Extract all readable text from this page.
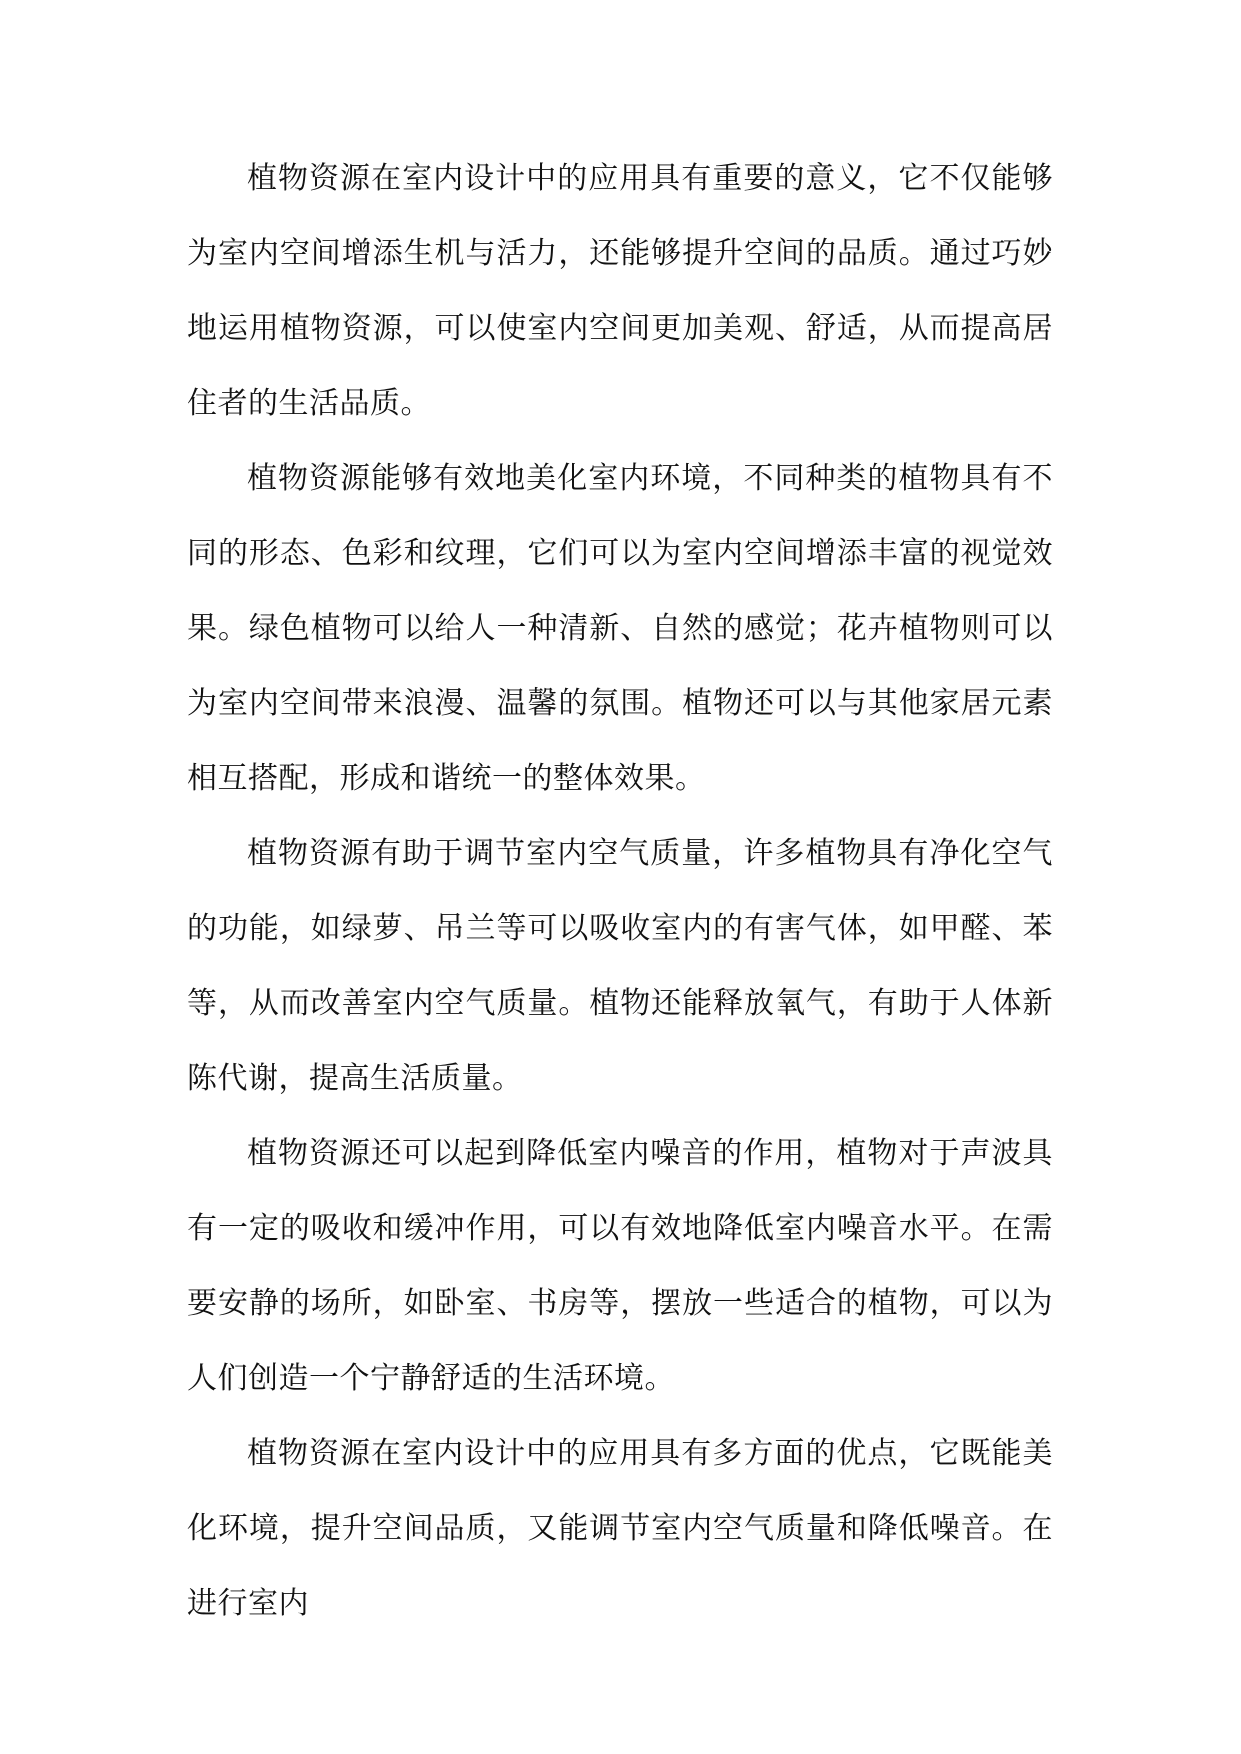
植物资源在室内设计中的应用具有重要的意义，它不仅能够为室内空间增添生机与活力，还能够提升空间的品质。通过巧妙地运用植物资源，可以使室内空间更加美观、舒适，从而提高居住者的生活品质。

植物资源能够有效地美化室内环境，不同种类的植物具有不同的形态、色彩和纹理，它们可以为室内空间增添丰富的视觉效果。绿色植物可以给人一种清新、自然的感觉；花卉植物则可以为室内空间带来浪漫、温馨的氛围。植物还可以与其他家居元素相互搭配，形成和谐统一的整体效果。

植物资源有助于调节室内空气质量，许多植物具有净化空气的功能，如绿萝、吊兰等可以吸收室内的有害气体，如甲醛、苯等，从而改善室内空气质量。植物还能释放氧气，有助于人体新陈代谢，提高生活质量。

植物资源还可以起到降低室内噪音的作用，植物对于声波具有一定的吸收和缓冲作用，可以有效地降低室内噪音水平。在需要安静的场所，如卧室、书房等，摆放一些适合的植物，可以为人们创造一个宁静舒适的生活环境。

植物资源在室内设计中的应用具有多方面的优点，它既能美化环境，提升空间品质，又能调节室内空气质量和降低噪音。在进行室内
